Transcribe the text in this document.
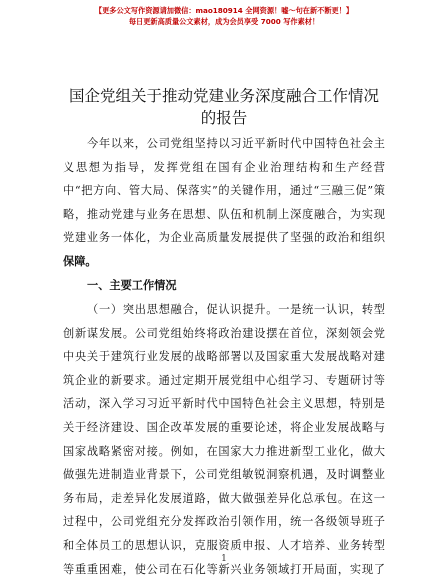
【更多公文写作资源请加微信：mao180914 全网资源！嘘～句在新不断更！】
每日更新高质量公文素材，成为会员享受 7000 写作素材！
国企党组关于推动党建业务深度融合工作情况
的报告
今年以来，公司党组坚持以习近平新时代中国特色社会主
义思想为指导，发挥党组在国有企业治理结构和生产经营
中“把方向、管大局、保落实”的关键作用，通过“三融三促”策
略，推动党建与业务在思想、队伍和机制上深度融合，为实现
党建业务一体化，为企业高质量发展提供了坚强的政治和组织
保障。
一、主要工作情况
（一）突出思想融合，促认识提升。一是统一认识，转型
创新谋发展。公司党组始终将政治建设摆在首位，深刻领会党
中央关于建筑行业发展的战略部署以及国家重大发展战略对建
筑企业的新要求。通过定期开展党组中心组学习、专题研讨等
活动，深入学习习近平新时代中国特色社会主义思想，特别是
关于经济建设、国企改革发展的重要论述，将企业发展战略与
国家战略紧密对接。例如，在国家大力推进新型工业化，做大
做强先进制造业背景下，公司党组敏锐洞察机遇，及时调整业
务布局，走差异化发展道路，做大做强差异化总承包。在这一
过程中，公司党组充分发挥政治引领作用，统一各级领导班子
和全体员工的思想认识，克服资质申报、人才培养、业务转型
等重重困难，使公司在石化等新兴业务领域打开局面，实现了
1
